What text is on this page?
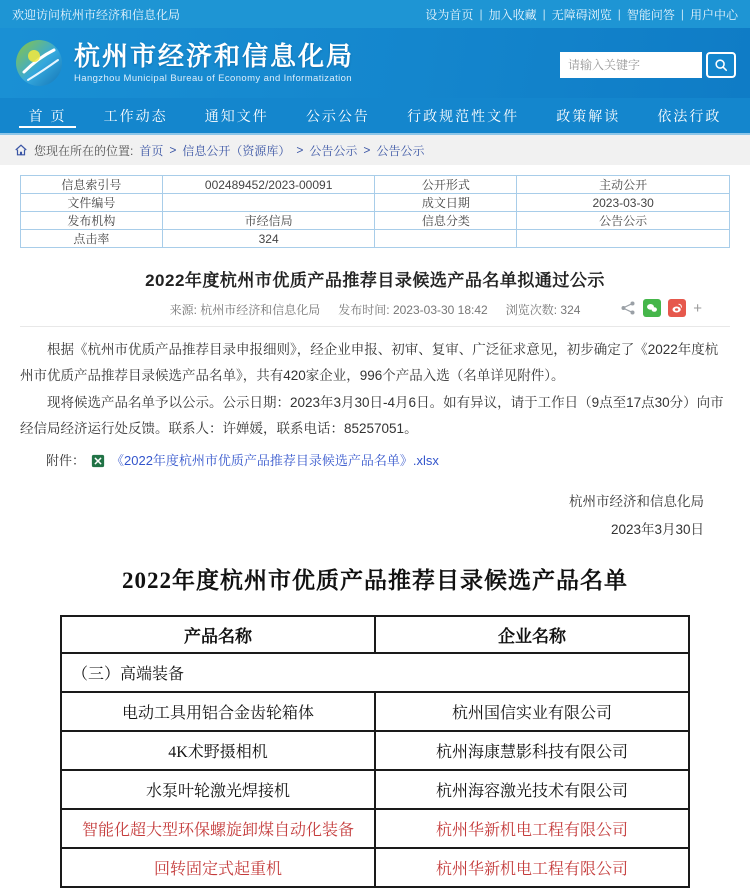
欢迎访问杭州市经济和信息化局	设为首页 | 加入收藏 | 无障碍浏览 | 智能问答 | 用户中心
杭州市经济和信息化局
Hangzhou Municipal Bureau of Economy and Informatization
请输入关键字
首 页	工作动态	通知文件	公示公告	行政规范性文件	政策解读	依法行政
您现在所在的位置: 首页 > 信息公开（资源库） > 公告公示 > 公告公示
信息索引号	002489452/2023-00091	公开形式	主动公开
文件编号		成文日期	2023-03-30
发布机构	市经信局	信息分类	公告公示
点击率	324		
2022年度杭州市优质产品推荐目录候选产品名单拟通过公示
来源: 杭州市经济和信息化局 发布时间: 2023-03-30 18:42 浏览次数: 324	+

根据《杭州市优质产品推荐目录申报细则》，经企业申报、初审、复审、广泛征求意见，初步确定了《2022年度杭州市优质产品推荐目录候选产品名单》，共有420家企业，996个产品入选（名单详见附件）。

现将候选产品名单予以公示。公示日期：2023年3月30日-4月6日。如有异议，请于工作日（9点至17点30分）向市经信局经济运行处反馈。联系人：许婵媛，联系电话：85257051。

附件： 《2022年度杭州市优质产品推荐目录候选产品名单》.xlsx
杭州市经济和信息化局
2023年3月30日
2022年度杭州市优质产品推荐目录候选产品名单
产品名称	企业名称
（三）高端装备	
电动工具用铝合金齿轮箱体	杭州国信实业有限公司
4K术野摄相机	杭州海康慧影科技有限公司
水泵叶轮激光焊接机	杭州海容激光技术有限公司
智能化超大型环保螺旋卸煤自动化装备	杭州华新机电工程有限公司
回转固定式起重机	杭州华新机电工程有限公司
